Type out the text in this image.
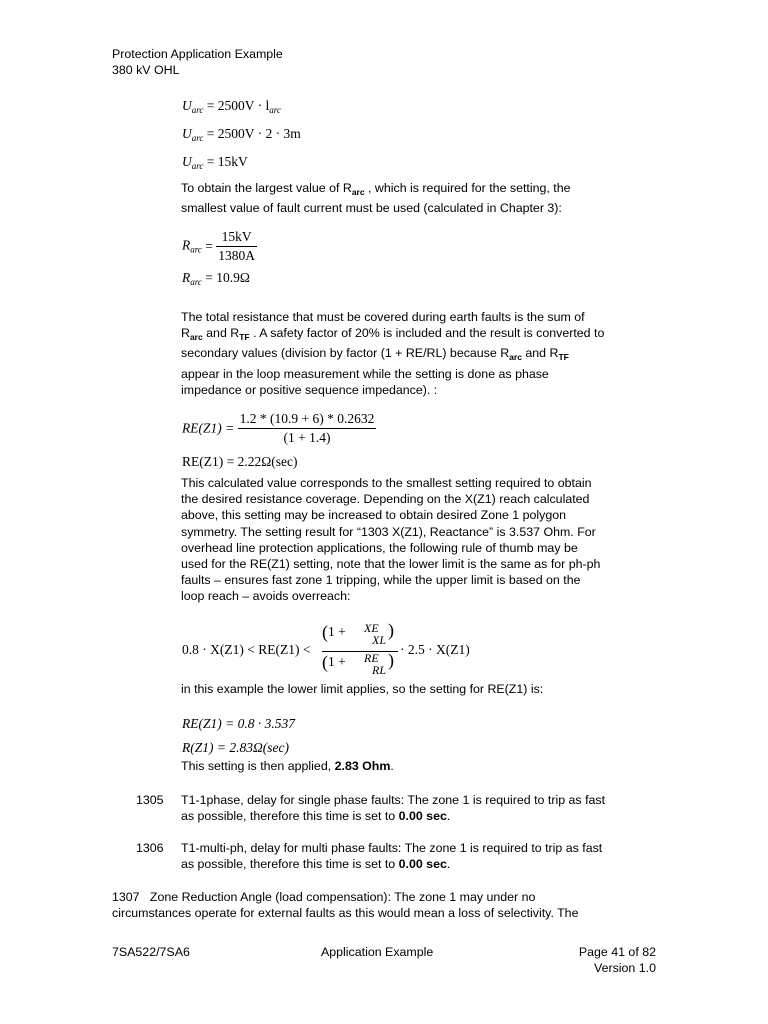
Protection Application Example
380 kV OHL
$U_{arc} = 2500V \cdot l_{arc}$
$U_{arc} = 2500V \cdot 2 \cdot 3m$
$U_{arc} = 15kV$
To obtain the largest value of $R_{arc}$ , which is required for the setting, the
smallest value of fault current must be used (calculated in Chapter 3):
$R_{arc} = \frac{15kV}{1380A}$
$R_{arc} = 10.9\Omega$
The total resistance that must be covered during earth faults is the sum of
$R_{arc}$ and $R_{TF}$ . A safety factor of 20% is included and the result is converted to
secondary values (division by factor (1 + RE/RL) because $R_{arc}$ and $R_{TF}$
appear in the loop measurement while the setting is done as phase
impedance or positive sequence impedance). :
$RE(Z1) = \frac{1.2 * (10.9 + 6) * 0.2632}{(1 + 1.4)}$
RE(Z1) = 2.22Ω(sec)
This calculated value corresponds to the smallest setting required to obtain
the desired resistance coverage. Depending on the X(Z1) reach calculated
above, this setting may be increased to obtain desired Zone 1 polygon
symmetry. The setting result for “1303 X(Z1), Reactance” is 3.537 Ohm. For
overhead line protection applications, the following rule of thumb may be
used for the RE(Z1) setting, note that the lower limit is the same as for ph-ph
faults – ensures fast zone 1 tripping, while the upper limit is based on the
loop reach – avoids overreach:
0.8 · X(Z1) < RE(Z1) <
(1 + XE
XL )
(1 + RE
RL )
· 2.5 · X(Z1)
in this example the lower limit applies, so the setting for RE(Z1) is:
RE(Z1) = 0.8 · 3.537
R(Z1) = 2.83Ω(sec)
This setting is then applied, 2.83 Ohm.
1305 T1-1phase, delay for single phase faults: The zone 1 is required to trip as fast
as possible, therefore this time is set to 0.00 sec.
1306 T1-multi-ph, delay for multi phase faults: The zone 1 is required to trip as fast
as possible, therefore this time is set to 0.00 sec.
1307 Zone Reduction Angle (load compensation): The zone 1 may under no
circumstances operate for external faults as this would mean a loss of selectivity. The
7SA522/7SA6	Application Example	Page 41 of 82
Version 1.0
